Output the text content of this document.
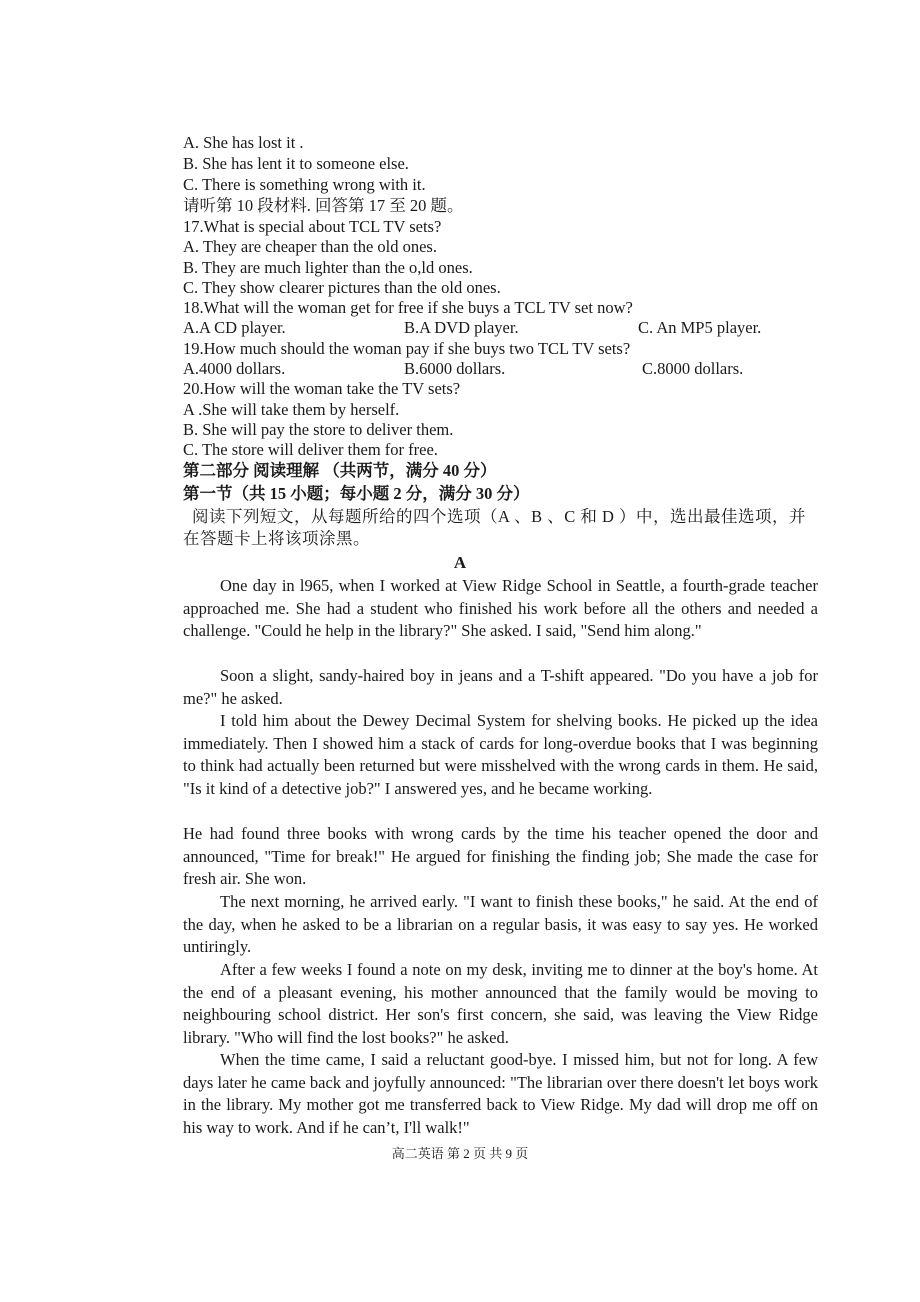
A. She has lost it .

B. She has lent it to someone else.

C. There is something wrong with it.

请听第 10 段材料. 回答第 17 至 20 题。

17.What is special about TCL TV sets?

A. They are cheaper than the old ones.

B. They are much lighter than the o,ld ones.

C. They show clearer pictures than the old ones.

18.What will the woman get for free if she buys a TCL TV set now?

A.A CD player.	B.A DVD player.	C. An MP5 player.

19.How much should the woman pay if she buys two TCL TV sets?

A.4000 dollars.	B.6000 dollars.	C.8000 dollars.

20.How will the woman take the TV sets?

A .She will take them by herself.

B. She will pay the store to deliver them.

C. The store will deliver them for free.

第二部分 阅读理解 （共两节，满分 40 分）

第一节（共 15 小题；每小题 2 分，满分 30 分）

阅读下列短文，从每题所给的四个选项（A 、B 、C 和 D ）中，选出最佳选项，并在答题卡上将该项涂黑。

A

One day in l965, when I worked at View Ridge School in Seattle, a fourth-grade teacher approached me. She had a student who finished his work before all the others and needed a challenge. "Could he help in the library?" She asked. I said, "Send him along."

Soon a slight, sandy-haired boy in jeans and a T-shift appeared. "Do you have a job for me?" he asked.

I told him about the Dewey Decimal System for shelving books. He picked up the idea immediately. Then I showed him a stack of cards for long-overdue books that I was beginning to think had actually been returned but were misshelved with the wrong cards in them. He said, "Is it kind of a detective job?" I answered yes, and he became working.

He had found three books with wrong cards by the time his teacher opened the door and announced, "Time for break!" He argued for finishing the finding job; She made the case for fresh air. She won.

The next morning, he arrived early. "I want to finish these books," he said. At the end of the day, when he asked to be a librarian on a regular basis, it was easy to say yes. He worked untiringly.

After a few weeks I found a note on my desk, inviting me to dinner at the boy's home. At the end of a pleasant evening, his mother announced that the family would be moving to neighbouring school district. Her son's first concern, she said, was leaving the View Ridge library. "Who will find the lost books?" he asked.

When the time came, I said a reluctant good-bye. I missed him, but not for long. A few days later he came back and joyfully announced: "The librarian over there doesn't let boys work in the library. My mother got me transferred back to View Ridge. My dad will drop me off on his way to work. And if he can’t, I'll walk!"

高二英语 第 2 页 共 9 页
